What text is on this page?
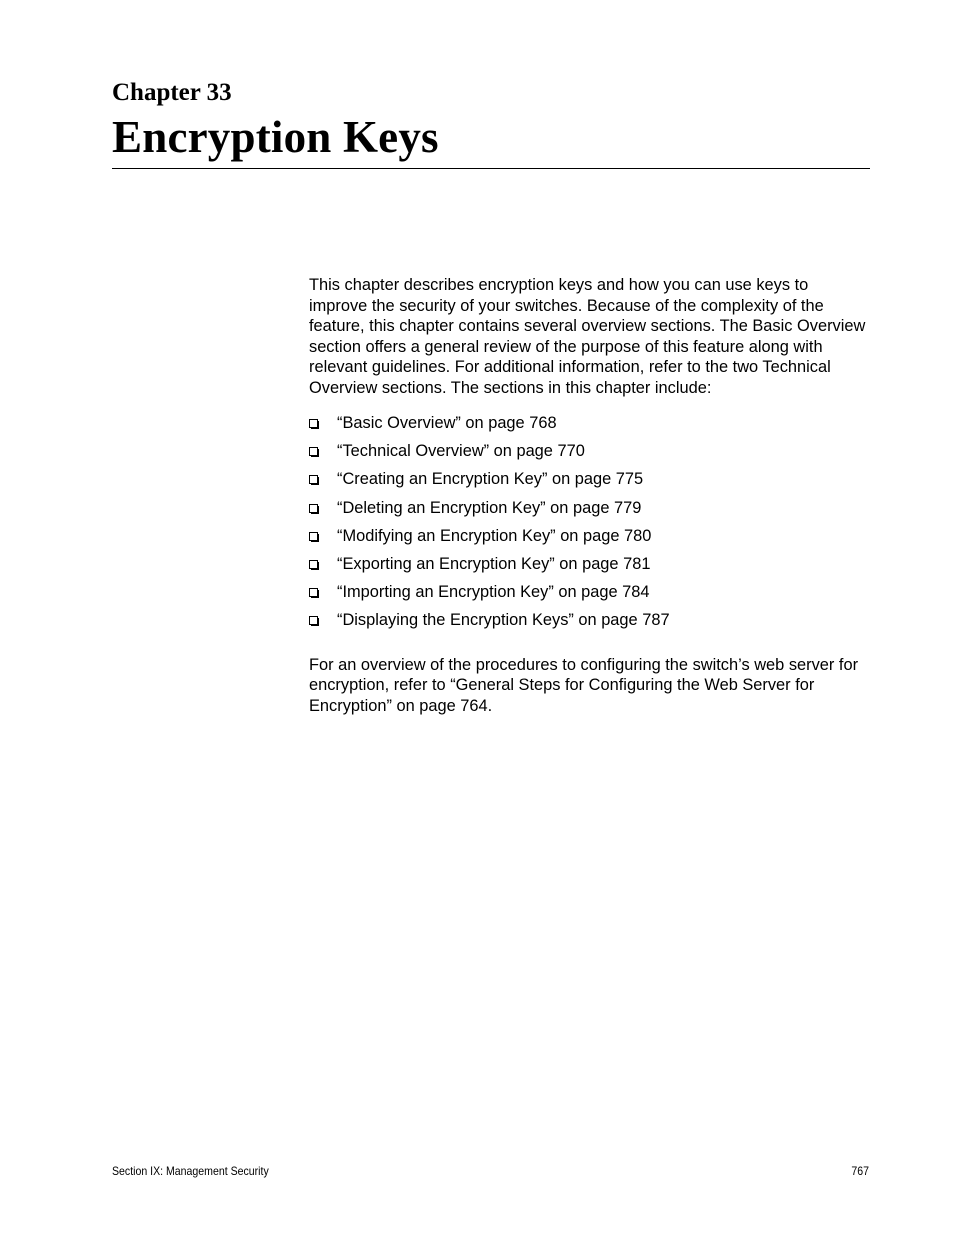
Chapter 33
Encryption Keys

This chapter describes encryption keys and how you can use keys to improve the security of your switches. Because of the complexity of the feature, this chapter contains several overview sections. The Basic Overview section offers a general review of the purpose of this feature along with relevant guidelines. For additional information, refer to the two Technical Overview sections. The sections in this chapter include:

“Basic Overview” on page 768
“Technical Overview” on page 770
“Creating an Encryption Key” on page 775
“Deleting an Encryption Key” on page 779
“Modifying an Encryption Key” on page 780
“Exporting an Encryption Key” on page 781
“Importing an Encryption Key” on page 784
“Displaying the Encryption Keys” on page 787

For an overview of the procedures to configuring the switch’s web server for encryption, refer to “General Steps for Configuring the Web Server for Encryption” on page 764.

Section IX: Management Security	767
